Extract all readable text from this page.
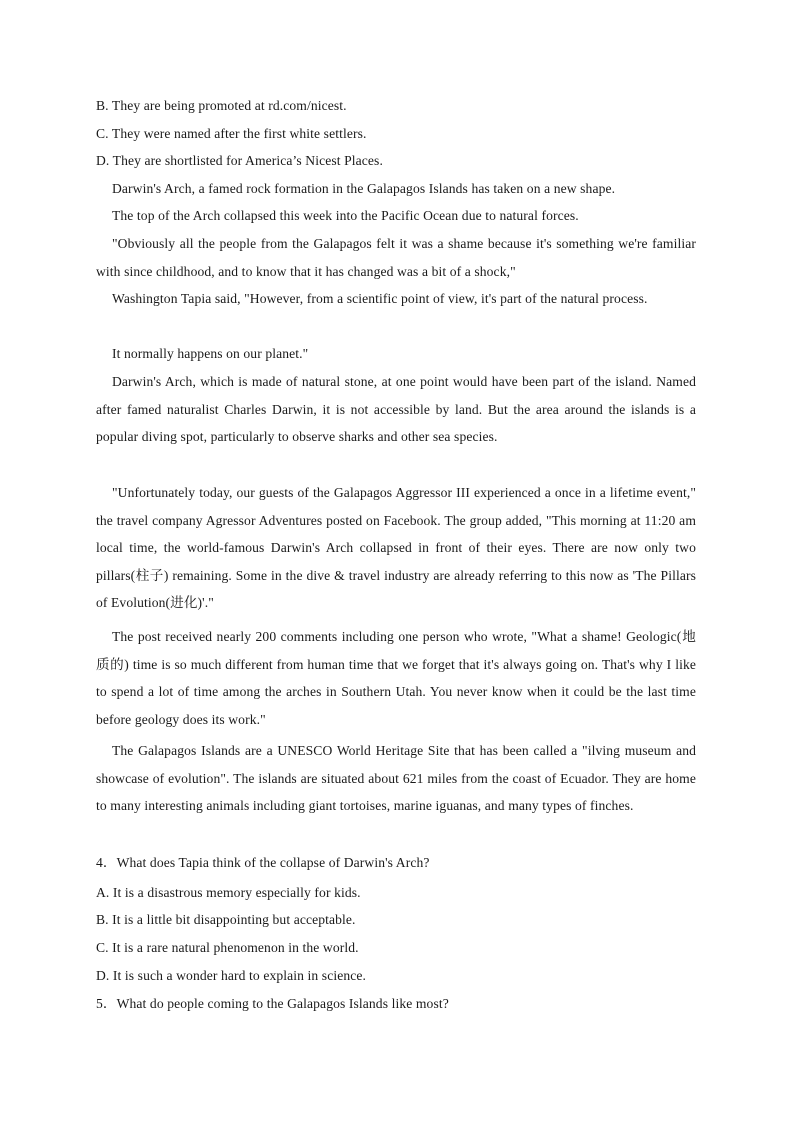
B. They are being promoted at rd.com/nicest.

C. They were named after the first white settlers.

D. They are shortlisted for America’s Nicest Places.

Darwin's Arch, a famed rock formation in the Galapagos Islands has taken on a new shape.

The top of the Arch collapsed this week into the Pacific Ocean due to natural forces.

"Obviously all the people from the Galapagos felt it was a shame because it's something we're familiar with since childhood, and to know that it has changed was a bit of a shock,"

Washington Tapia said, "However, from a scientific point of view, it's part of the natural process.

It normally happens on our planet."

Darwin's Arch, which is made of natural stone, at one point would have been part of the island. Named after famed naturalist Charles Darwin, it is not accessible by land. But the area around the islands is a popular diving spot, particularly to observe sharks and other sea species.

"Unfortunately today, our guests of the Galapagos Aggressor III experienced a once in a lifetime event," the travel company Agressor Adventures posted on Facebook. The group added, "This morning at 11:20 am local time, the world-famous Darwin's Arch collapsed in front of their eyes. There are now only two pillars(柱子) remaining. Some in the dive & travel industry are already referring to this now as 'The Pillars of Evolution(进化)'."

The post received nearly 200 comments including one person who wrote, "What a shame! Geologic(地质的) time is so much different from human time that we forget that it's always going on. That's why I like to spend a lot of time among the arches in Southern Utah. You never know when it could be the last time before geology does its work."

The Galapagos Islands are a UNESCO World Heritage Site that has been called a "ilving museum and showcase of evolution". The islands are situated about 621 miles from the coast of Ecuador. They are home to many interesting animals including giant tortoises, marine iguanas, and many types of finches.

4．What does Tapia think of the collapse of Darwin's Arch?

A. It is a disastrous memory especially for kids.

B. It is a little bit disappointing but acceptable.

C. It is a rare natural phenomenon in the world.

D. It is such a wonder hard to explain in science.

5．What do people coming to the Galapagos Islands like most?
